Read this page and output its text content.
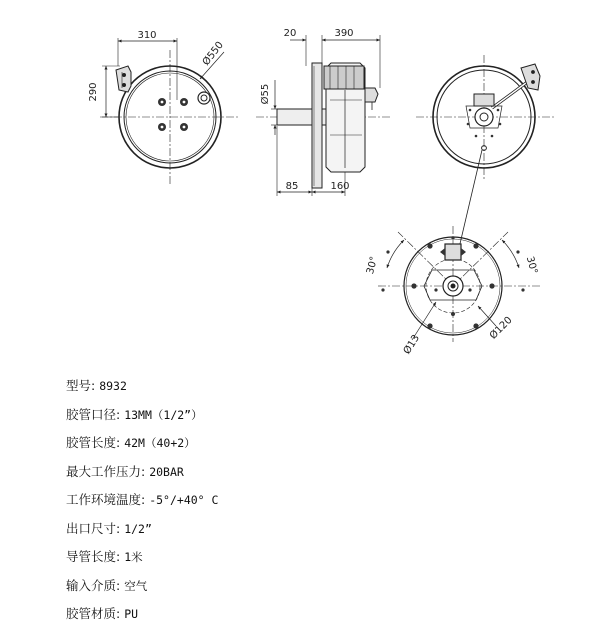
310
290
Ø550
20	390
Ø55
85	160
30°	30°
Ø13
Ø120
型号: 8932
胶管口径: 13MM（1/2”）
胶管长度: 42M（40+2）
最大工作压力: 20BAR
工作环境温度: -5°/+40° C
出口尺寸: 1/2”
导管长度: 1米
输入介质: 空气
胶管材质: PU
